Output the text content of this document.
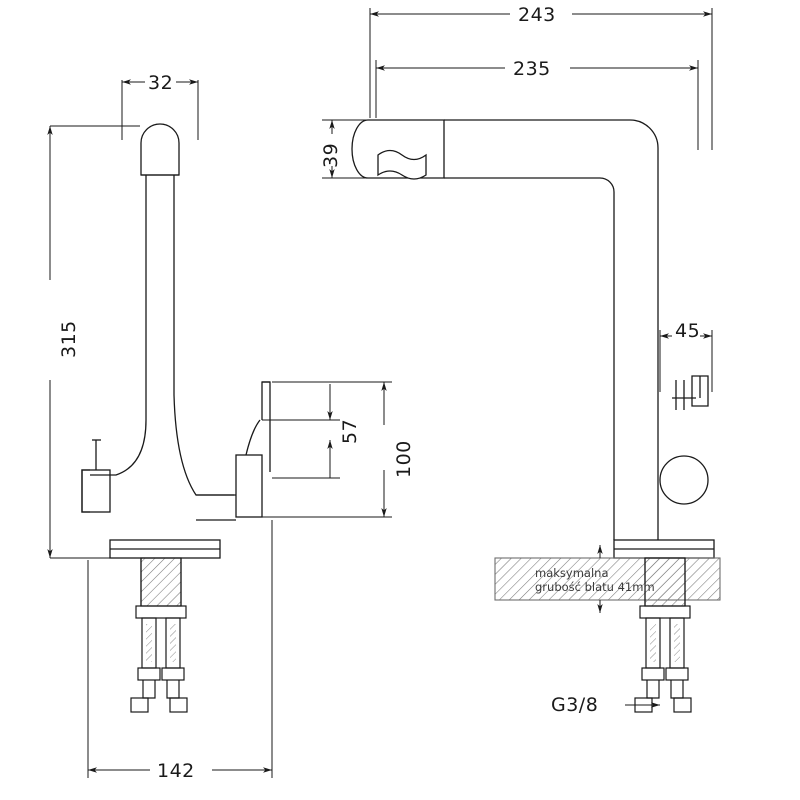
32
315
57
100
142
243
235
39
45
maksymalna
grubość blatu 41mm
G3/8
